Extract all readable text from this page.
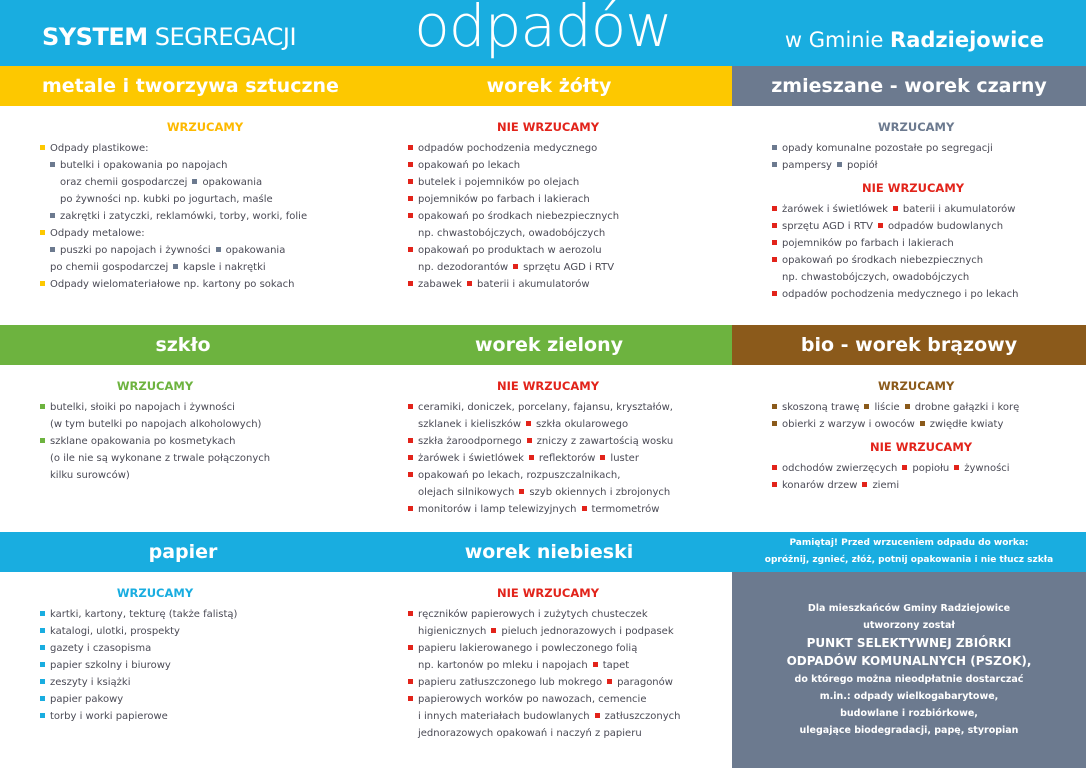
SYSTEM SEGREGACJI	odpadów	w Gminie Radziejowice
metale i tworzywa sztuczne	worek żółty	zmieszane - worek czarny
WRZUCAMY
Odpady plastikowe:
butelki i opakowania po napojach
oraz chemii gospodarczej opakowania
po żywności np. kubki po jogurtach, maśle
zakrętki i zatyczki, reklamówki, torby, worki, folie
Odpady metalowe:
puszki po napojach i żywności opakowania
po chemii gospodarczej kapsle i nakrętki
Odpady wielomateriałowe np. kartony po sokach
NIE WRZUCAMY
odpadów pochodzenia medycznego
opakowań po lekach
butelek i pojemników po olejach
pojemników po farbach i lakierach
opakowań po środkach niebezpiecznych
np. chwastobójczych, owadobójczych
opakowań po produktach w aerozolu
np. dezodorantów sprzętu AGD i RTV
zabawek baterii i akumulatorów
WRZUCAMY
opady komunalne pozostałe po segregacji
pampersy popiół
NIE WRZUCAMY
żarówek i świetlówek baterii i akumulatorów
sprzętu AGD i RTV odpadów budowlanych
pojemników po farbach i lakierach
opakowań po środkach niebezpiecznych
np. chwastobójczych, owadobójczych
odpadów pochodzenia medycznego i po lekach
szkło	worek zielony	bio - worek brązowy
WRZUCAMY
butelki, słoiki po napojach i żywności
(w tym butelki po napojach alkoholowych)
szklane opakowania po kosmetykach
(o ile nie są wykonane z trwale połączonych
kilku surowców)
NIE WRZUCAMY
ceramiki, doniczek, porcelany, fajansu, kryształów,
szklanek i kieliszków szkła okularowego
szkła żaroodpornego zniczy z zawartością wosku
żarówek i świetlówek reflektorów luster
opakowań po lekach, rozpuszczalnikach,
olejach silnikowych szyb okiennych i zbrojonych
monitorów i lamp telewizyjnych termometrów
WRZUCAMY
skoszoną trawę liście drobne gałązki i korę
obierki z warzyw i owoców zwiędłe kwiaty
NIE WRZUCAMY
odchodów zwierzęcych popiołu żywności
konarów drzew ziemi
papier	worek niebieski	Pamiętaj! Przed wrzuceniem odpadu do worka:
opróżnij, zgnieć, złóż, potnij opakowania i nie tłucz szkła
WRZUCAMY
kartki, kartony, tekturę (także falistą)
katalogi, ulotki, prospekty
gazety i czasopisma
papier szkolny i biurowy
zeszyty i książki
papier pakowy
torby i worki papierowe
NIE WRZUCAMY
ręczników papierowych i zużytych chusteczek
higienicznych pieluch jednorazowych i podpasek
papieru lakierowanego i powleczonego folią
np. kartonów po mleku i napojach tapet
papieru zatłuszczonego lub mokrego paragonów
papierowych worków po nawozach, cemencie
i innych materiałach budowlanych zatłuszczonych
jednorazowych opakowań i naczyń z papieru
Dla mieszkańców Gminy Radziejowice
utworzony został
PUNKT SELEKTYWNEJ ZBIÓRKI
ODPADÓW KOMUNALNYCH (PSZOK),
do którego można nieodpłatnie dostarczać
m.in.: odpady wielkogabarytowe,
budowlane i rozbiórkowe,
ulegające biodegradacji, papę, styropian
